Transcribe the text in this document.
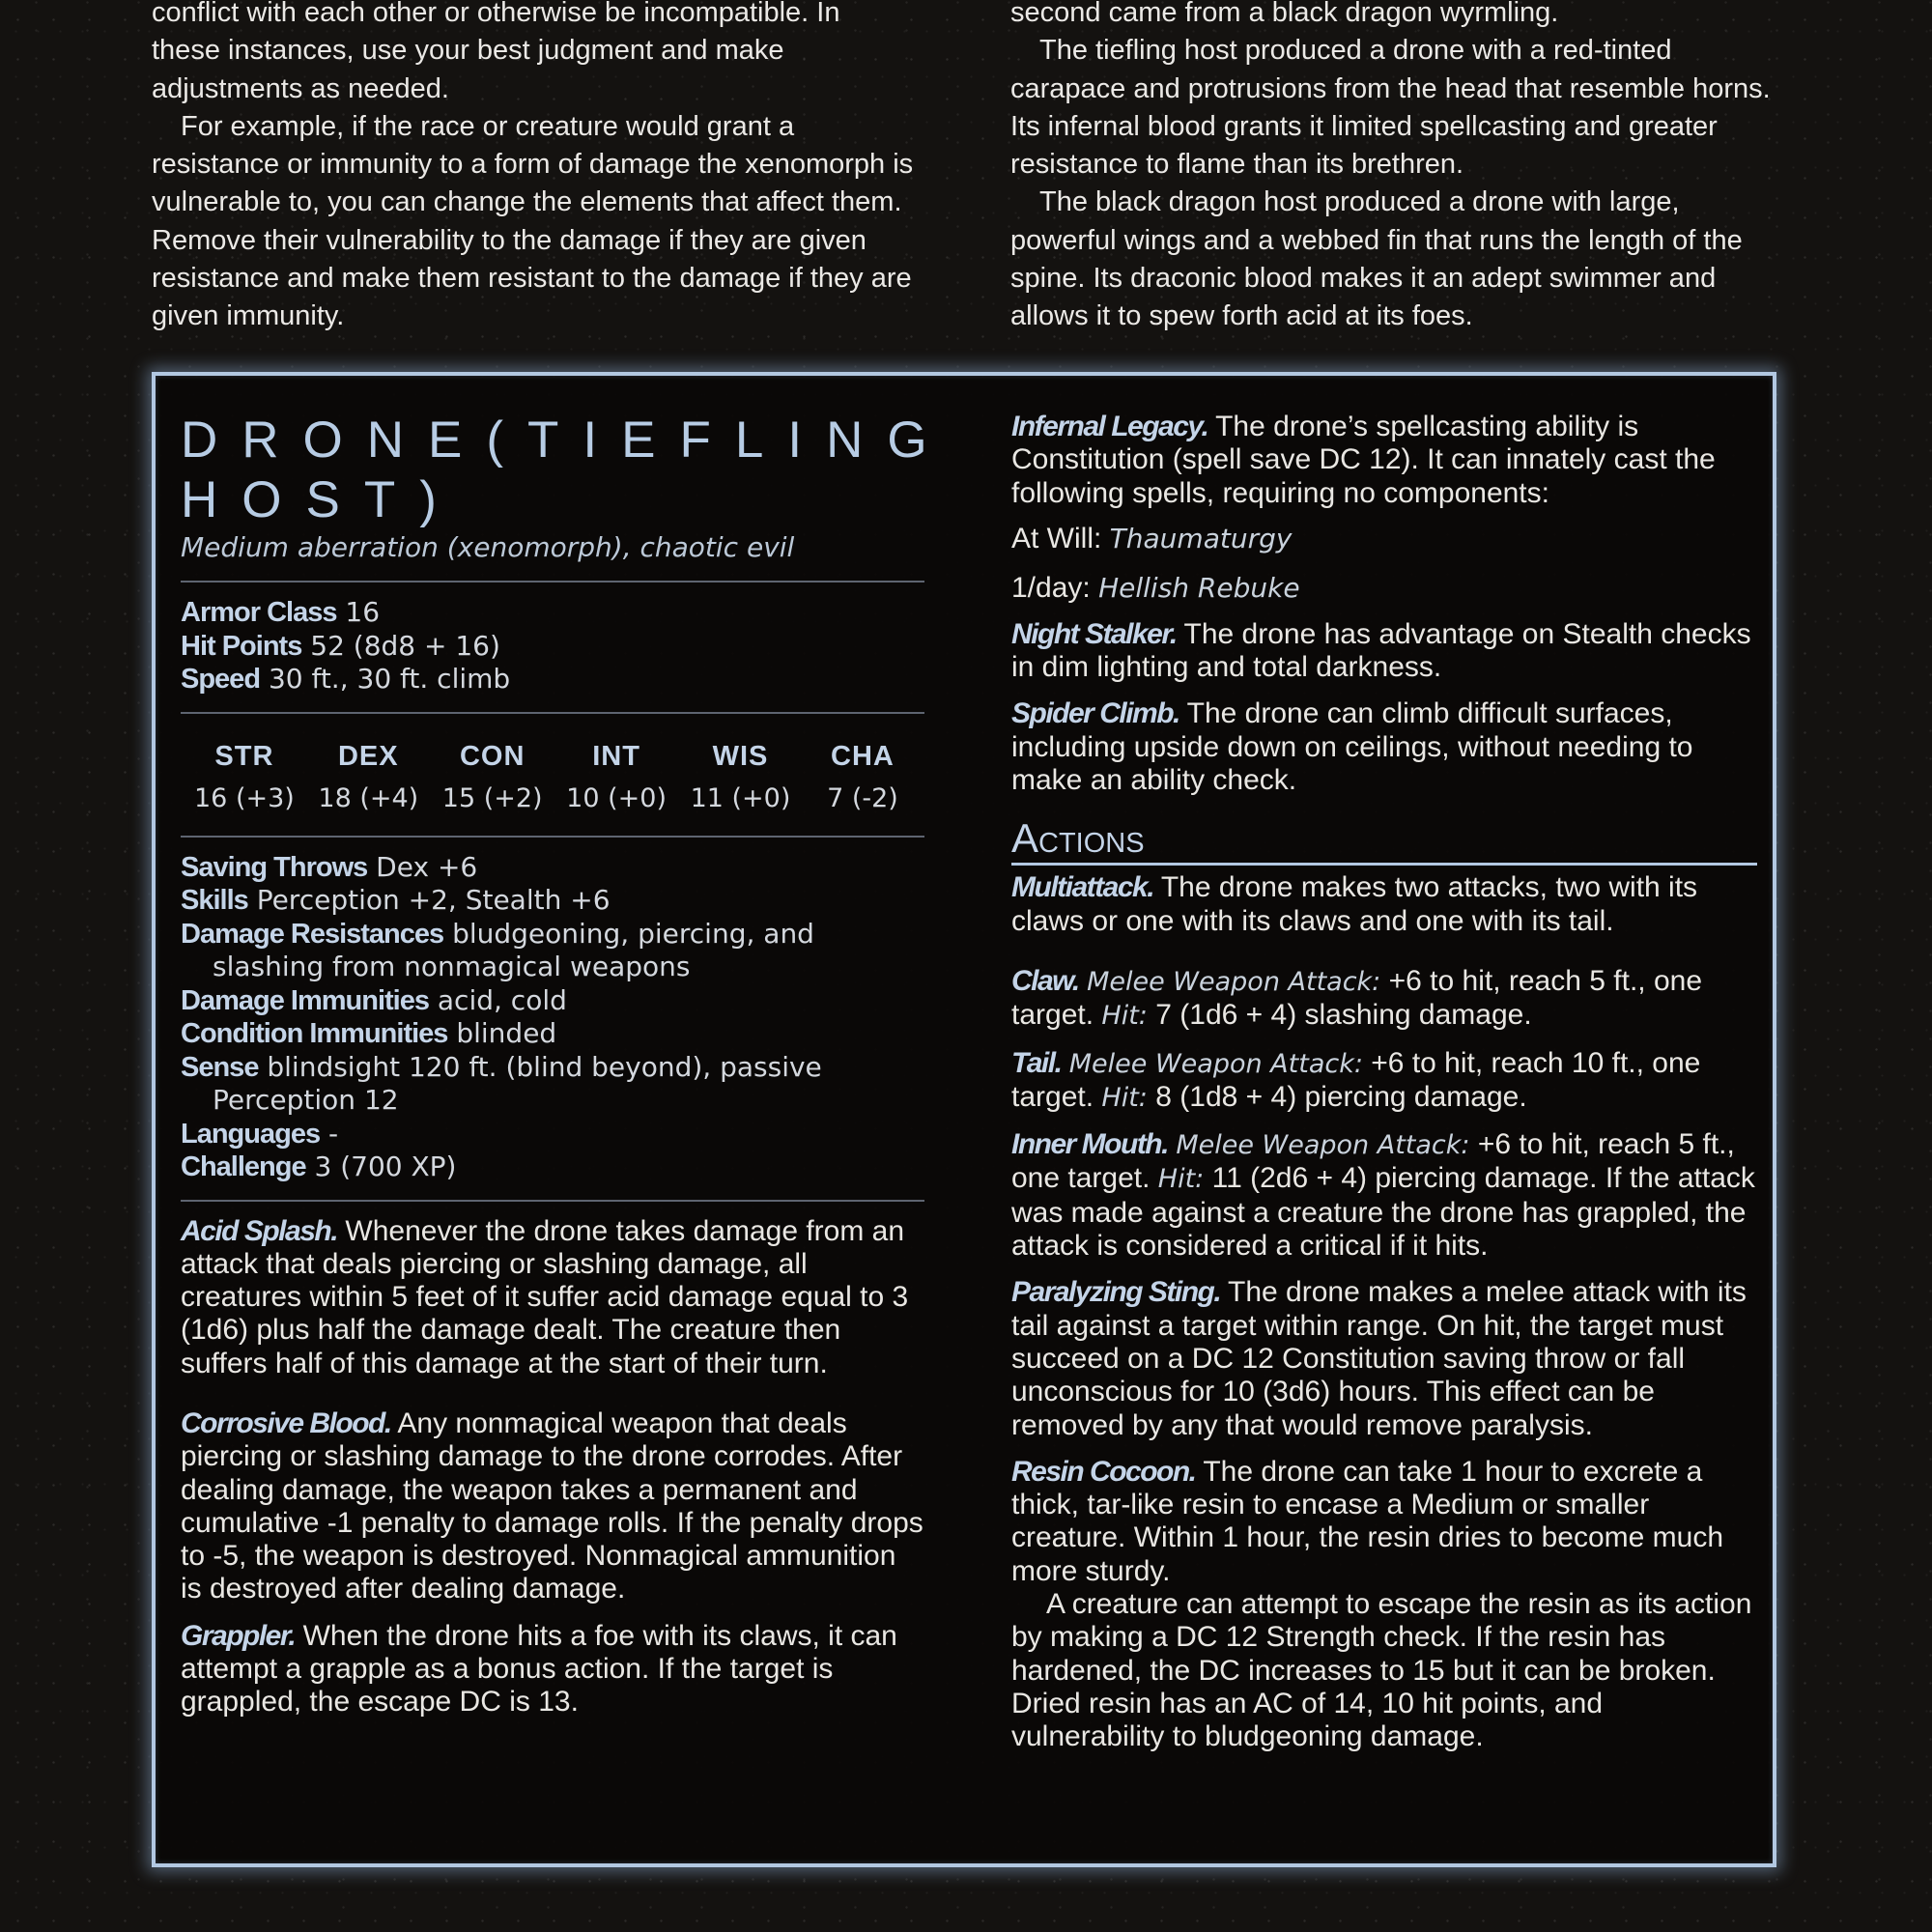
conflict with each other or otherwise be incompatible. In these instances, use your best judgment and make adjustments as needed.

For example, if the race or creature would grant a resistance or immunity to a form of damage the xenomorph is vulnerable to, you can change the elements that affect them. Remove their vulnerability to the damage if they are given resistance and make them resistant to the damage if they are given immunity.

second came from a black dragon wyrmling.

The tiefling host produced a drone with a red-tinted carapace and protrusions from the head that resemble horns. Its infernal blood grants it limited spellcasting and greater resistance to flame than its brethren.

The black dragon host produced a drone with large, powerful wings and a webbed fin that runs the length of the spine. Its draconic blood makes it an adept swimmer and allows it to spew forth acid at its foes.

DRONE(TIEFLING HOST)
Medium aberration (xenomorph), chaotic evil
Armor Class 16
Hit Points 52 (8d8 + 16)
Speed 30 ft., 30 ft. climb
STR
16 (+3)
DEX
18 (+4)
CON
15 (+2)
INT
10 (+0)
WIS
11 (+0)
CHA
7 (-2)
Saving Throws Dex +6
Skills Perception +2, Stealth +6
Damage Resistances bludgeoning, piercing, and slashing from nonmagical weapons
Damage Immunities acid, cold
Condition Immunities blinded
Sense blindsight 120 ft. (blind beyond), passive Perception 12
Languages -
Challenge 3 (700 XP)

Acid Splash. Whenever the drone takes damage from an attack that deals piercing or slashing damage, all creatures within 5 feet of it suffer acid damage equal to 3 (1d6) plus half the damage dealt. The creature then suffers half of this damage at the start of their turn.

Corrosive Blood. Any nonmagical weapon that deals piercing or slashing damage to the drone corrodes. After dealing damage, the weapon takes a permanent and cumulative -1 penalty to damage rolls. If the penalty drops to -5, the weapon is destroyed. Nonmagical ammunition is destroyed after dealing damage.

Grappler. When the drone hits a foe with its claws, it can attempt a grapple as a bonus action. If the target is grappled, the escape DC is 13.

Infernal Legacy. The drone’s spellcasting ability is Constitution (spell save DC 12). It can innately cast the following spells, requiring no components:

At Will: Thaumaturgy
1/day: Hellish Rebuke

Night Stalker. The drone has advantage on Stealth checks in dim lighting and total darkness.

Spider Climb. The drone can climb difficult surfaces, including upside down on ceilings, without needing to make an ability check.

Actions

Multiattack. The drone makes two attacks, two with its claws or one with its claws and one with its tail.

Claw. Melee Weapon Attack: +6 to hit, reach 5 ft., one target. Hit: 7 (1d6 + 4) slashing damage.

Tail. Melee Weapon Attack: +6 to hit, reach 10 ft., one target. Hit: 8 (1d8 + 4) piercing damage.

Inner Mouth. Melee Weapon Attack: +6 to hit, reach 5 ft., one target. Hit: 11 (2d6 + 4) piercing damage. If the attack was made against a creature the drone has grappled, the attack is considered a critical if it hits.

Paralyzing Sting. The drone makes a melee attack with its tail against a target within range. On hit, the target must succeed on a DC 12 Constitution saving throw or fall unconscious for 10 (3d6) hours. This effect can be removed by any that would remove paralysis.

Resin Cocoon. The drone can take 1 hour to excrete a thick, tar-like resin to encase a Medium or smaller creature. Within 1 hour, the resin dries to become much more sturdy.

A creature can attempt to escape the resin as its action by making a DC 12 Strength check. If the resin has hardened, the DC increases to 15 but it can be broken. Dried resin has an AC of 14, 10 hit points, and vulnerability to bludgeoning damage.
